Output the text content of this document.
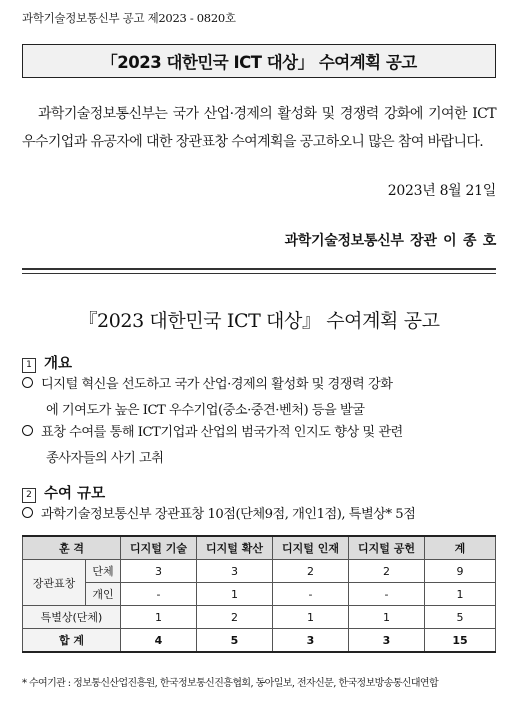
과학기술정보통신부 공고 제2023 - 0820호
「2023 대한민국 ICT 대상」 수여계획 공고

과학기술정보통신부는 국가 산업·경제의 활성화 및 경쟁력 강화에 기여한 ICT 우수기업과 유공자에 대한 장관표창 수여계획을 공고하오니 많은 참여 바랍니다.

2023년 8월 21일
과학기술정보통신부 장관 이 종 호
『2023 대한민국 ICT 대상』 수여계획 공고
1 개요
디지털 혁신을 선도하고 국가 산업·경제의 활성화 및 경쟁력 강화
에 기여도가 높은 ICT 우수기업(중소·중견·벤처) 등을 발굴
표창 수여를 통해 ICT기업과 산업의 범국가적 인지도 향상 및 관련
종사자들의 사기 고취
2 수여 규모
과학기술정보통신부 장관표창 10점(단체9점, 개인1점), 특별상* 5점
훈 격		디지털 기술	디지털 확산	디지털 인재	디지털 공헌	계
장관표창	단체	3	3	2	2	9
	개인	-	1	-	-	1
특별상(단체)		1	2	1	1	5
합 계		4	5	3	3	15
* 수여기관 : 정보통신산업진흥원, 한국정보통신진흥협회, 동아일보, 전자신문, 한국정보방송통신대연합
